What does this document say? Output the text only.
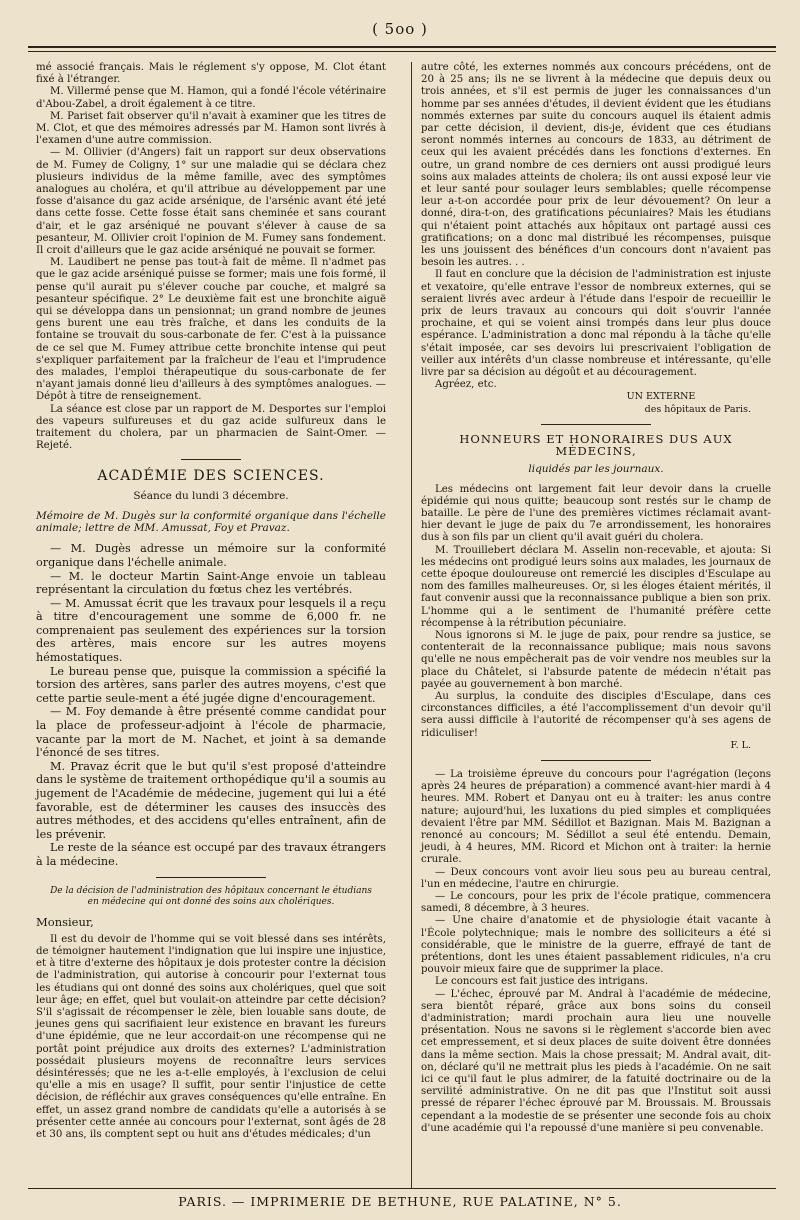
( 5oo )

mé associé français. Mais le réglement s'y oppose, M. Clot étant fixé à l'étranger.

M. Villermé pense que M. Hamon, qui a fondé l'école vétérinaire d'Abou-Zabel, a droit également à ce titre.

M. Pariset fait observer qu'il n'avait à examiner que les titres de M. Clot, et que des mémoires adressés par M. Hamon sont livrés à l'examen d'une autre commission.

— M. Ollivier (d'Angers) fait un rapport sur deux observations de M. Fumey de Coligny, 1° sur une maladie qui se déclara chez plusieurs individus de la même famille, avec des symptômes analogues au choléra, et qu'il attribue au développement par une fosse d'aisance du gaz acide arsénique, de l'arsénic avant été jeté dans cette fosse. Cette fosse était sans cheminée et sans courant d'air, et le gaz arséniqué ne pouvant s'élever à cause de sa pesanteur, M. Ollivier croit l'opinion de M. Fumey sans fondement. Il croit d'ailleurs que le gaz acide arséniqué ne pouvait se former.

M. Laudibert ne pense pas tout-à fait de même. Il n'admet pas que le gaz acide arséniqué puisse se former; mais une fois formé, il pense qu'il aurait pu s'élever couche par couche, et malgré sa pesanteur spécifique. 2° Le deuxième fait est une bronchite aiguë qui se développa dans un pensionnat; un grand nombre de jeunes gens burent une eau très fraîche, et dans les conduits de la fontaine se trouvait du sous-carbonate de fer. C'est à la puissance de ce sel que M. Fumey attribue cette bronchite intense qui peut s'expliquer parfaitement par la fraîcheur de l'eau et l'imprudence des malades, l'emploi thérapeutique du sous-carbonate de fer n'ayant jamais donné lieu d'ailleurs à des symptômes analogues. — Dépôt à titre de renseignement.

La séance est close par un rapport de M. Desportes sur l'emploi des vapeurs sulfureuses et du gaz acide sulfureux dans le traitement du cholera, par un pharmacien de Saint-Omer. — Rejeté.

ACADÉMIE DES SCIENCES.
Séance du lundi 3 décembre.
Mémoire de M. Dugès sur la conformité organique dans l'échelle animale; lettre de MM. Amussat, Foy et Pravaz.

— M. Dugès adresse un mémoire sur la conformité organique dans l'échelle animale.

— M. le docteur Martin Saint-Ange envoie un tableau représentant la circulation du fœtus chez les vertébrés.

— M. Amussat écrit que les travaux pour lesquels il a reçu à titre d'encouragement une somme de 6,000 fr. ne comprenaient pas seulement des expériences sur la torsion des artères, mais encore sur les autres moyens hémostatiques.

Le bureau pense que, puisque la commission a spécifié la torsion des artères, sans parler des autres moyens, c'est que cette partie seule-ment a été jugée digne d'encouragement.

— M. Foy demande à être présenté comme candidat pour la place de professeur-adjoint à l'école de pharmacie, vacante par la mort de M. Nachet, et joint à sa demande l'énoncé de ses titres.

M. Pravaz écrit que le but qu'il s'est proposé d'atteindre dans le système de traitement orthopédique qu'il a soumis au jugement de l'Académie de médecine, jugement qui lui a été favorable, est de déterminer les causes des insuccès des autres méthodes, et des accidens qu'elles entraînent, afin de les prévenir.

Le reste de la séance est occupé par des travaux étrangers à la médecine.

De la décision de l'administration des hôpitaux concernant le étudians en médecine qui ont donné des soins aux cholériques.
Monsieur,

Il est du devoir de l'homme qui se voit blessé dans ses intérêts, de témoigner hautement l'indignation que lui inspire une injustice, et à titre d'externe des hôpitaux je dois protester contre la décision de l'administration, qui autorise à concourir pour l'externat tous les étudians qui ont donné des soins aux cholériques, quel que soit leur âge; en effet, quel but voulait-on atteindre par cette décision? S'il s'agissait de récompenser le zèle, bien louable sans doute, de jeunes gens qui sacrifiaient leur existence en bravant les fureurs d'une épidémie, que ne leur accordait-on une récompense qui ne portât point préjudice aux droits des externes? L'administration possédait plusieurs moyens de reconnaître leurs services désintéressés; que ne les a-t-elle employés, à l'exclusion de celui qu'elle a mis en usage? Il suffit, pour sentir l'injustice de cette décision, de réfléchir aux graves conséquences qu'elle entraîne. En effet, un assez grand nombre de candidats qu'elle a autorisés à se présenter cette année au concours pour l'externat, sont âgés de 28 et 30 ans, ils comptent sept ou huit ans d'études médicales; d'un

autre côté, les externes nommés aux concours précédens, ont de 20 à 25 ans; ils ne se livrent à la médecine que depuis deux ou trois années, et s'il est permis de juger les connaissances d'un homme par ses années d'études, il devient évident que les étudians nommés externes par suite du concours auquel ils étaient admis par cette décision, il devient, dis-je, évident que ces étudians seront nommés internes au concours de 1833, au détriment de ceux qui les avaient précédés dans les fonctions d'externes. En outre, un grand nombre de ces derniers ont aussi prodigué leurs soins aux malades atteints de cholera; ils ont aussi exposé leur vie et leur santé pour soulager leurs semblables; quelle récompense leur a-t-on accordée pour prix de leur dévouement? On leur a donné, dira-t-on, des gratifications pécuniaires? Mais les étudians qui n'étaient point attachés aux hôpitaux ont partagé aussi ces gratifications; on a donc mal distribué les récompenses, puisque les uns jouissent des bénéfices d'un concours dont n'avaient pas besoin les autres. . .

Il faut en conclure que la décision de l'administration est injuste et vexatoire, qu'elle entrave l'essor de nombreux externes, qui se seraient livrés avec ardeur à l'étude dans l'espoir de recueillir le prix de leurs travaux au concours qui doit s'ouvrir l'année prochaine, et qui se voient ainsi trompés dans leur plus douce espérance. L'administration a donc mal répondu à la tâche qu'elle s'était imposée, car ses devoirs lui prescrivaient l'obligation de veiller aux intérêts d'un classe nombreuse et intéressante, qu'elle livre par sa décision au dégoût et au découragement.

Agréez, etc.

UN EXTERNE
des hôpitaux de Paris.
HONNEURS ET HONORAIRES DUS AUX MÉDECINS,
liquidés par les journaux.

Les médecins ont largement fait leur devoir dans la cruelle épidémie qui nous quitte; beaucoup sont restés sur le champ de bataille. Le père de l'une des premières victimes réclamait avant-hier devant le juge de paix du 7e arrondissement, les honoraires dus à son fils par un client qu'il avait guéri du cholera.

M. Trouillebert déclara M. Asselin non-recevable, et ajouta: Si les médecins ont prodigué leurs soins aux malades, les journaux de cette époque douloureuse ont remercié les disciples d'Esculape au nom des familles malheureuses. Or, si les éloges étaient mérités, il faut convenir aussi que la reconnaissance publique a bien son prix. L'homme qui a le sentiment de l'humanité préfère cette récompense à la rétribution pécuniaire.

Nous ignorons si M. le juge de paix, pour rendre sa justice, se contenterait de la reconnaissance publique; mais nous savons qu'elle ne nous empêcherait pas de voir vendre nos meubles sur la place du Châtelet, si l'absurde patente de médecin n'était pas payée au gouvernement à bon marché.

Au surplus, la conduite des disciples d'Esculape, dans ces circonstances difficiles, a été l'accomplissement d'un devoir qu'il sera aussi difficile à l'autorité de récompenser qu'à ses agens de ridiculiser!

F. L.

— La troisième épreuve du concours pour l'agrégation (leçons après 24 heures de préparation) a commencé avant-hier mardi à 4 heures. MM. Robert et Danyau ont eu à traiter: les anus contre nature; aujourd'hui, les luxations du pied simples et compliquées devaient l'être par MM. Sédillot et Bazignan. Mais M. Bazignan a renoncé au concours; M. Sédillot a seul été entendu. Demain, jeudi, à 4 heures, MM. Ricord et Michon ont à traiter: la hernie crurale.

— Deux concours vont avoir lieu sous peu au bureau central, l'un en médecine, l'autre en chirurgie.

— Le concours, pour les prix de l'école pratique, commencera samedi, 8 décembre, à 3 heures.

— Une chaire d'anatomie et de physiologie était vacante à l'École polytechnique; mais le nombre des solliciteurs a été si considérable, que le ministre de la guerre, effrayé de tant de prétentions, dont les unes étaient passablement ridicules, n'a cru pouvoir mieux faire que de supprimer la place.

Le concours est fait justice des intrigans.

— L'échec, éprouvé par M. Andral à l'académie de médecine, sera bientôt réparé, grâce aux bons soins du conseil d'administration; mardi prochain aura lieu une nouvelle présentation. Nous ne savons si le règlement s'accorde bien avec cet empressement, et si deux places de suite doivent être données dans la même section. Mais la chose pressait; M. Andral avait, dit-on, déclaré qu'il ne mettrait plus les pieds à l'académie. On ne sait ici ce qu'il faut le plus admirer, de la fatuité doctrinaire ou de la servilité administrative. On ne dit pas que l'Institut soit aussi pressé de réparer l'échec éprouvé par M. Broussais. M. Broussais cependant a la modestie de se présenter une seconde fois au choix d'une académie qui l'a repoussé d'une manière si peu convenable.

PARIS. — IMPRIMERIE DE BETHUNE, RUE PALATINE, N° 5.
